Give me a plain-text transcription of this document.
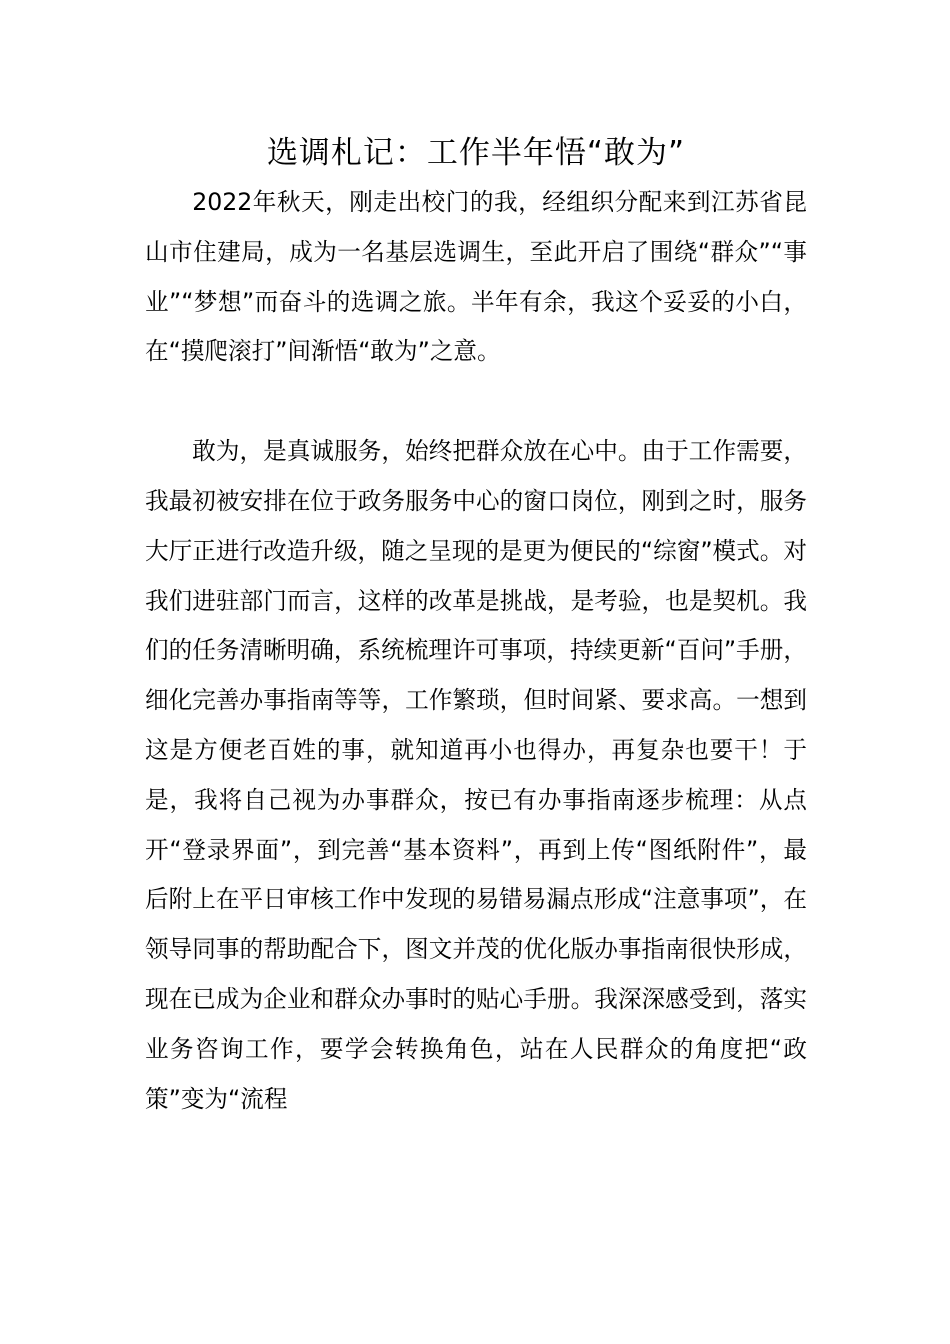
选调札记：工作半年悟“敢为”

2022年秋天，刚走出校门的我，经组织分配来到江苏省昆山市住建局，成为一名基层选调生，至此开启了围绕“群众”“事业”“梦想”而奋斗的选调之旅。半年有余，我这个妥妥的小白，在“摸爬滚打”间渐悟“敢为”之意。

敢为，是真诚服务，始终把群众放在心中。由于工作需要，我最初被安排在位于政务服务中心的窗口岗位，刚到之时，服务大厅正进行改造升级，随之呈现的是更为便民的“综窗”模式。对我们进驻部门而言，这样的改革是挑战，是考验，也是契机。我们的任务清晰明确，系统梳理许可事项，持续更新“百问”手册，细化完善办事指南等等，工作繁琐，但时间紧、要求高。一想到这是方便老百姓的事，就知道再小也得办，再复杂也要干！于是，我将自己视为办事群众，按已有办事指南逐步梳理：从点开“登录界面”，到完善“基本资料”，再到上传“图纸附件”，最后附上在平日审核工作中发现的易错易漏点形成“注意事项”，在领导同事的帮助配合下，图文并茂的优化版办事指南很快形成，现在已成为企业和群众办事时的贴心手册。我深深感受到，落实业务咨询工作，要学会转换角色，站在人民群众的角度把“政策”变为“流程
